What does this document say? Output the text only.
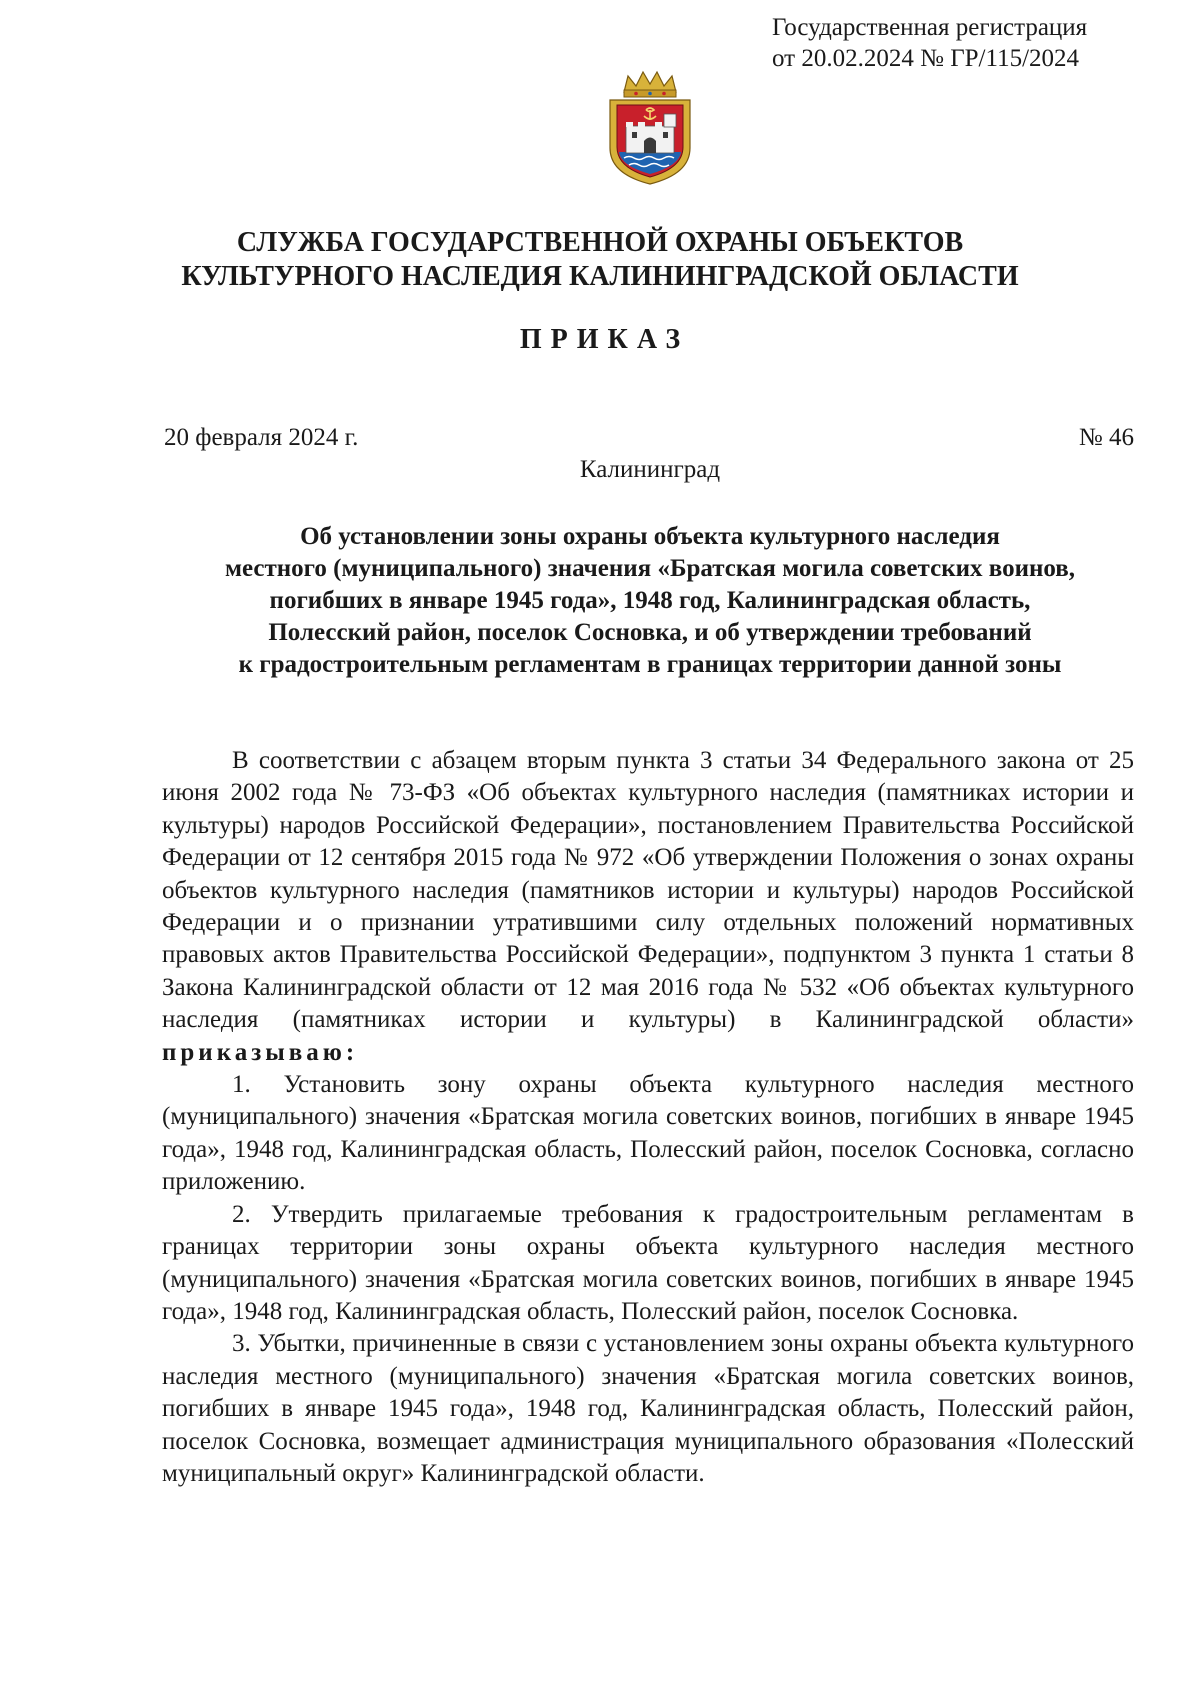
Государственная регистрация
от 20.02.2024 № ГР/115/2024
СЛУЖБА ГОСУДАРСТВЕННОЙ ОХРАНЫ ОБЪЕКТОВ
КУЛЬТУРНОГО НАСЛЕДИЯ КАЛИНИНГРАДСКОЙ ОБЛАСТИ
ПРИКАЗ
20 февраля 2024 г.	№ 46
Калининград
Об установлении зоны охраны объекта культурного наследия
местного (муниципального) значения «Братская могила советских воинов,
погибших в январе 1945 года», 1948 год, Калининградская область,
Полесский район, поселок Сосновка, и об утверждении требований
к градостроительным регламентам в границах территории данной зоны

В соответствии с абзацем вторым пункта 3 статьи 34 Федерального закона от 25 июня 2002 года № 73-ФЗ «Об объектах культурного наследия (памятниках истории и культуры) народов Российской Федерации», постановлением Правительства Российской Федерации от 12 сентября 2015 года № 972 «Об утверждении Положения о зонах охраны объектов культурного наследия (памятников истории и культуры) народов Российской Федерации и о признании утратившими силу отдельных положений нормативных правовых актов Правительства Российской Федерации», подпунктом 3 пункта 1 статьи 8 Закона Калининградской области от 12 мая 2016 года № 532 «Об объектах культурного наследия (памятниках истории и культуры) в Калининградской области» приказываю:

1. Установить зону охраны объекта культурного наследия местного (муниципального) значения «Братская могила советских воинов, погибших в январе 1945 года», 1948 год, Калининградская область, Полесский район, поселок Сосновка, согласно приложению.

2. Утвердить прилагаемые требования к градостроительным регламентам в границах территории зоны охраны объекта культурного наследия местного (муниципального) значения «Братская могила советских воинов, погибших в январе 1945 года», 1948 год, Калининградская область, Полесский район, поселок Сосновка.

3. Убытки, причиненные в связи с установлением зоны охраны объекта культурного наследия местного (муниципального) значения «Братская могила советских воинов, погибших в январе 1945 года», 1948 год, Калининградская область, Полесский район, поселок Сосновка, возмещает администрация муниципального образования «Полесский муниципальный округ» Калининградской области.
